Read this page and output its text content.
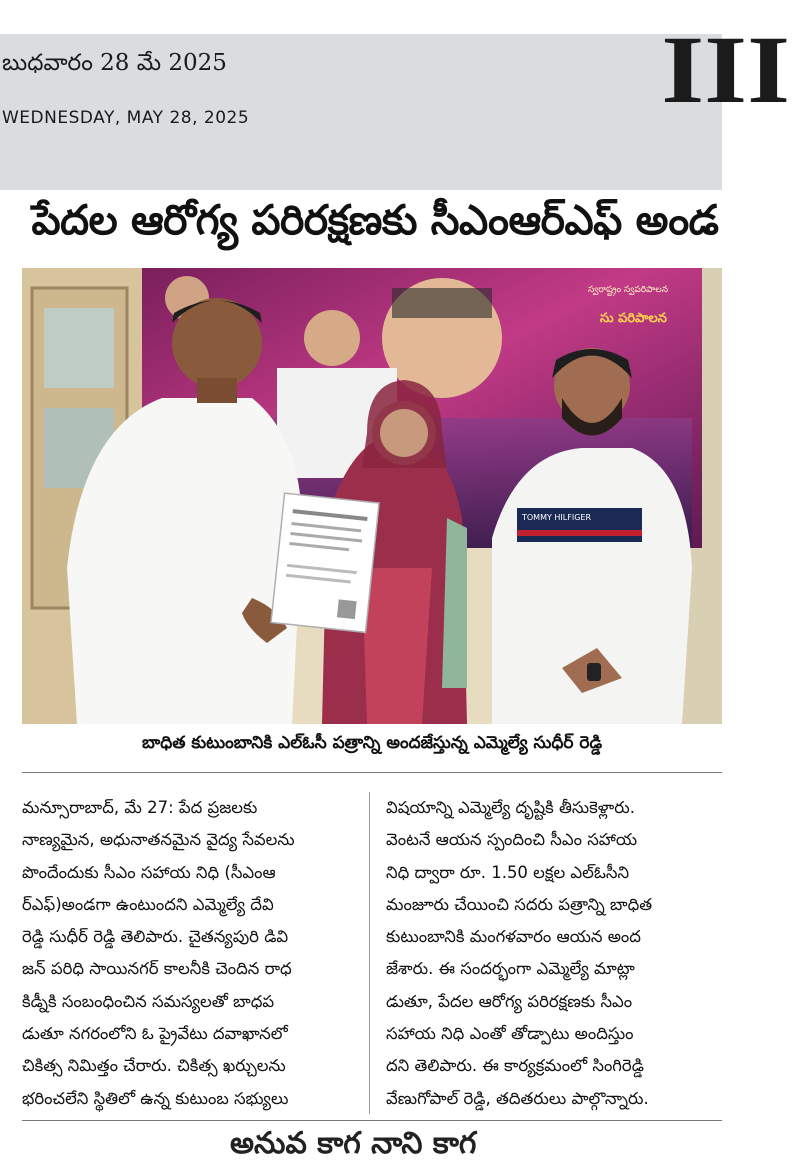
బుధవారం 28 మే 2025
WEDNESDAY, MAY 28, 2025	III
పేదల ఆరోగ్య పరిరక్షణకు సీఎంఆర్‌ఎఫ్ అండ
స్వరాష్ట్రం స్వపరిపాలన
సు పరిపాలన
TOMMY HILFIGER
బాధిత కుటుంబానికి ఎల్‌ఓసీ పత్రాన్ని అందజేస్తున్న ఎమ్మెల్యే సుధీర్ రెడ్డి
మన్సూరాబాద్, మే 27: పేద ప్రజలకు
నాణ్యమైన, అధునాతనమైన వైద్య సేవలను
పొందేందుకు సీఎం సహాయ నిధి (సీఎంఆ
ర్‌ఎఫ్)అండగా ఉంటుందని ఎమ్మెల్యే దేవి
రెడ్డి సుధీర్ రెడ్డి తెలిపారు. చైతన్యపురి డివి
జన్ పరిధి సాయినగర్ కాలనీకి చెందిన రాధ
కిడ్నీకి సంబంధించిన సమస్యలతో బాధప
డుతూ నగరంలోని ఓ ప్రైవేటు దవాఖానలో
చికిత్స నిమిత్తం చేరారు. చికిత్స ఖర్చులను
భరించలేని స్థితిలో ఉన్న కుటుంబ సభ్యులు
విషయాన్ని ఎమ్మెల్యే దృష్టికి తీసుకెళ్లారు.
వెంటనే ఆయన స్పందించి సీఎం సహాయ
నిధి ద్వారా రూ. 1.50 లక్షల ఎల్‌ఓసీని
మంజూరు చేయించి సదరు పత్రాన్ని బాధిత
కుటుంబానికి మంగళవారం ఆయన అంద
జేశారు. ఈ సందర్భంగా ఎమ్మెల్యే మాట్లా
డుతూ, పేదల ఆరోగ్య పరిరక్షణకు సీఎం
సహాయ నిధి ఎంతో తోడ్పాటు అందిస్తుం
దని తెలిపారు. ఈ కార్యక్రమంలో సింగిరెడ్డి
వేణుగోపాల్ రెడ్డి, తదితరులు పాల్గొన్నారు.
అనువ కాగ నాని కాగ
